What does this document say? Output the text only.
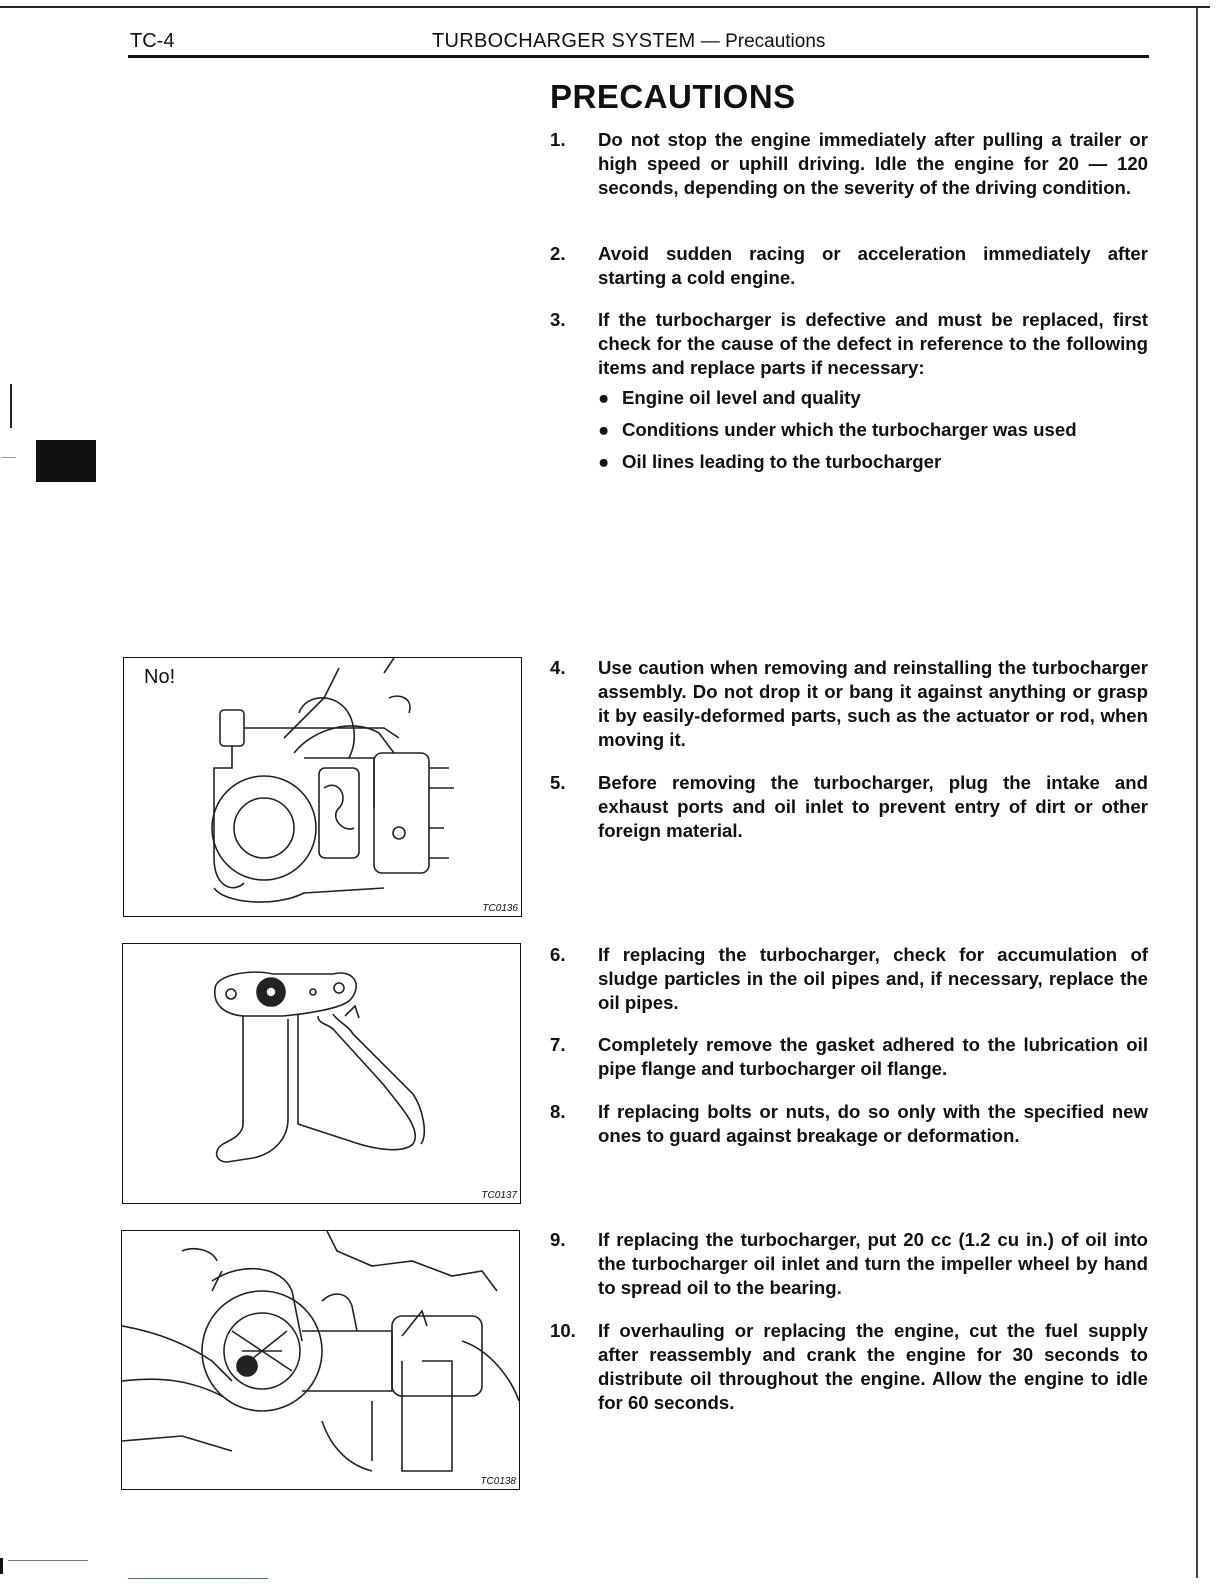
TC-4	TURBOCHARGER SYSTEM — Precautions
PRECAUTIONS
1. Do not stop the engine immediately after pulling a trailer or high speed or uphill driving. Idle the engine for 20 — 120 seconds, depending on the severity of the driving condition.
2. Avoid sudden racing or acceleration immediately after starting a cold engine.
3. If the turbocharger is defective and must be replaced, first check for the cause of the defect in reference to the following items and replace parts if necessary:
● Engine oil level and quality
● Conditions under which the turbocharger was used
● Oil lines leading to the turbocharger
4. Use caution when removing and reinstalling the turbocharger assembly. Do not drop it or bang it against anything or grasp it by easily-deformed parts, such as the actuator or rod, when moving it.
5. Before removing the turbocharger, plug the intake and exhaust ports and oil inlet to prevent entry of dirt or other foreign material.
6. If replacing the turbocharger, check for accumulation of sludge particles in the oil pipes and, if necessary, replace the oil pipes.
7. Completely remove the gasket adhered to the lubrication oil pipe flange and turbocharger oil flange.
8. If replacing bolts or nuts, do so only with the specified new ones to guard against breakage or deformation.
9. If replacing the turbocharger, put 20 cc (1.2 cu in.) of oil into the turbocharger oil inlet and turn the impeller wheel by hand to spread oil to the bearing.
10. If overhauling or replacing the engine, cut the fuel supply after reassembly and crank the engine for 30 seconds to distribute oil throughout the engine. Allow the engine to idle for 60 seconds.
No!
TC0136
TC0137
TC0138
